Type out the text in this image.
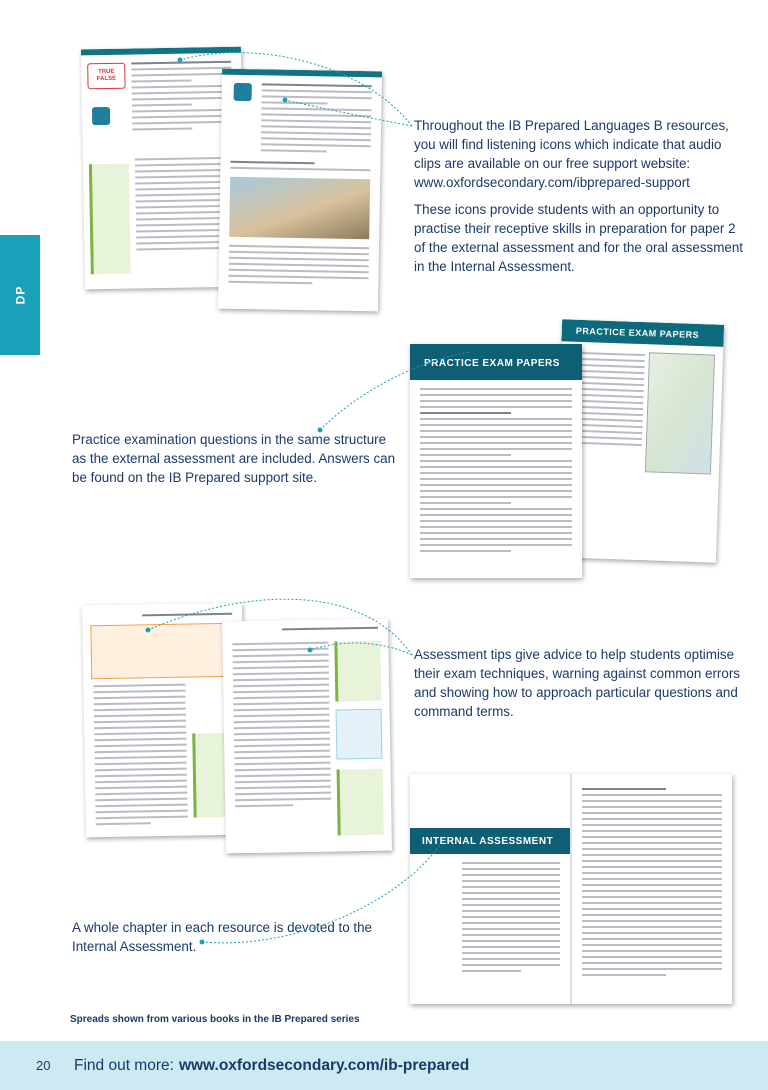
DP
TRUE FALSE

Throughout the IB Prepared Languages B resources, you will find listening icons which indicate that audio clips are available on our free support website: www.oxfordsecondary.com/ibprepared-support

These icons provide students with an opportunity to practise their receptive skills in preparation for paper 2 of the external assessment and for the oral assessment in the Internal Assessment.

PRACTICE EXAM PAPERS
PRACTICE EXAM PAPERS

Practice examination questions in the same structure as the external assessment are included. Answers can be found on the IB Prepared support site.

Assessment tips give advice to help students optimise their exam techniques, warning against common errors and showing how to approach particular questions and command terms.

INTERNAL ASSESSMENT

A whole chapter in each resource is devoted to the Internal Assessment.

Spreads shown from various books in the IB Prepared series
20	Find out more: www.oxfordsecondary.com/ib-prepared
